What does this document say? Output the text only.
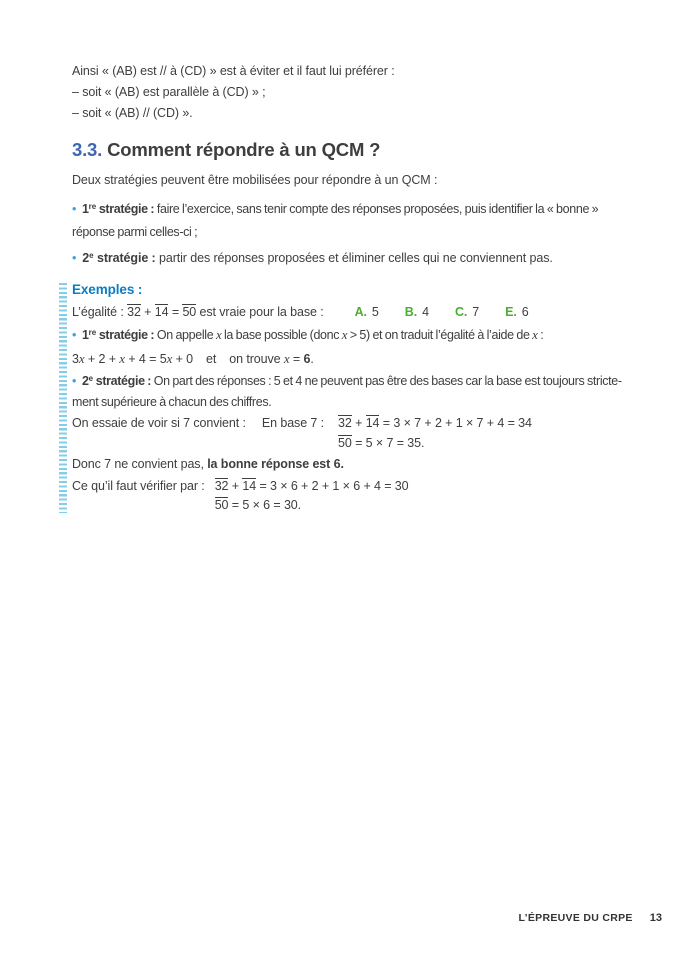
Ainsi « (AB) est // à (CD) » est à éviter et il faut lui préférer :
– soit « (AB) est parallèle à (CD) » ;
– soit « (AB) // (CD) ».

3.3. Comment répondre à un QCM ?

Deux stratégies peuvent être mobilisées pour répondre à un QCM :

• 1re stratégie : faire l’exercice, sans tenir compte des réponses proposées, puis identifier la « bonne »
réponse parmi celles-ci ;

• 2e stratégie : partir des réponses proposées et éliminer celles qui ne conviennent pas.

Exemples :
L’égalité : 32 + 14 = 50 est vraie pour la base : A. 5 B. 4 C. 7 E. 6
• 1re stratégie : On appelle x la base possible (donc x > 5) et on traduit l’égalité à l’aide de x :
3x + 2 + x + 4 = 5x + 0 et on trouve x = 6.
• 2e stratégie : On part des réponses : 5 et 4 ne peuvent pas être des bases car la base est toujours stricte-
ment supérieure à chacun des chiffres.
On essaie de voir si 7 convient : En base 7 : 32 + 14 = 3 × 7 + 2 + 1 × 7 + 4 = 34
50 = 5 × 7 = 35.
Donc 7 ne convient pas, la bonne réponse est 6.
Ce qu’il faut vérifier par : 32 + 14 = 3 × 6 + 2 + 1 × 6 + 4 = 30
50 = 5 × 6 = 30.
L’ÉPREUVE DU CRPE 13
